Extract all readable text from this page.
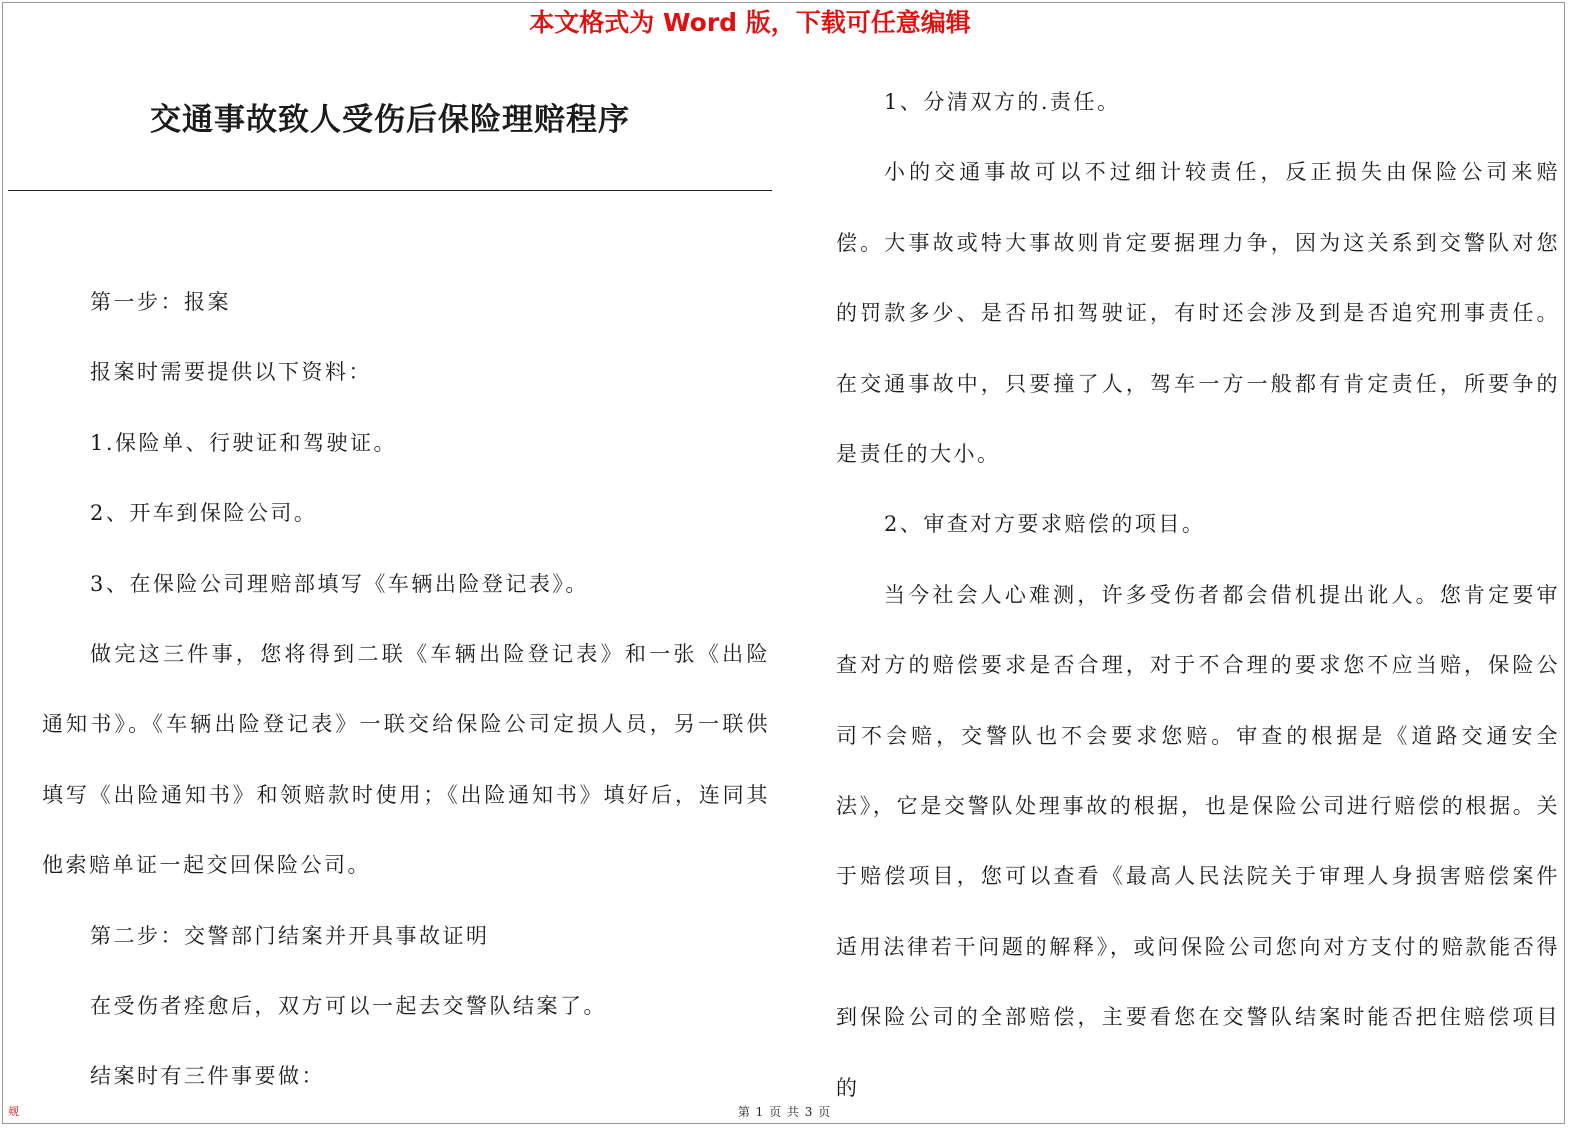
本文格式为 Word 版，下载可任意编辑
交通事故致人受伤后保险理赔程序

第一步：报案

报案时需要提供以下资料：

1.保险单、行驶证和驾驶证。

2、开车到保险公司。

3、在保险公司理赔部填写《车辆出险登记表》。

做完这三件事，您将得到二联《车辆出险登记表》和一张《出险通知书》。《车辆出险登记表》一联交给保险公司定损人员，另一联供填写《出险通知书》和领赔款时使用；《出险通知书》填好后，连同其他索赔单证一起交回保险公司。

第二步：交警部门结案并开具事故证明

在受伤者痊愈后，双方可以一起去交警队结案了。

结案时有三件事要做：

1、分清双方的.责任。

小的交通事故可以不过细计较责任，反正损失由保险公司来赔偿。大事故或特大事故则肯定要据理力争，因为这关系到交警队对您的罚款多少、是否吊扣驾驶证，有时还会涉及到是否追究刑事责任。在交通事故中，只要撞了人，驾车一方一般都有肯定责任，所要争的是责任的大小。

2、审查对方要求赔偿的项目。

当今社会人心难测，许多受伤者都会借机提出讹人。您肯定要审查对方的赔偿要求是否合理，对于不合理的要求您不应当赔，保险公司不会赔，交警队也不会要求您赔。审查的根据是《道路交通安全法》，它是交警队处理事故的根据，也是保险公司进行赔偿的根据。关于赔偿项目，您可以查看《最高人民法院关于审理人身损害赔偿案件适用法律若干问题的解释》，或问保险公司您向对方支付的赔款能否得到保险公司的全部赔偿，主要看您在交警队结案时能否把住赔偿项目的

觌	第 1 页 共 3 页
